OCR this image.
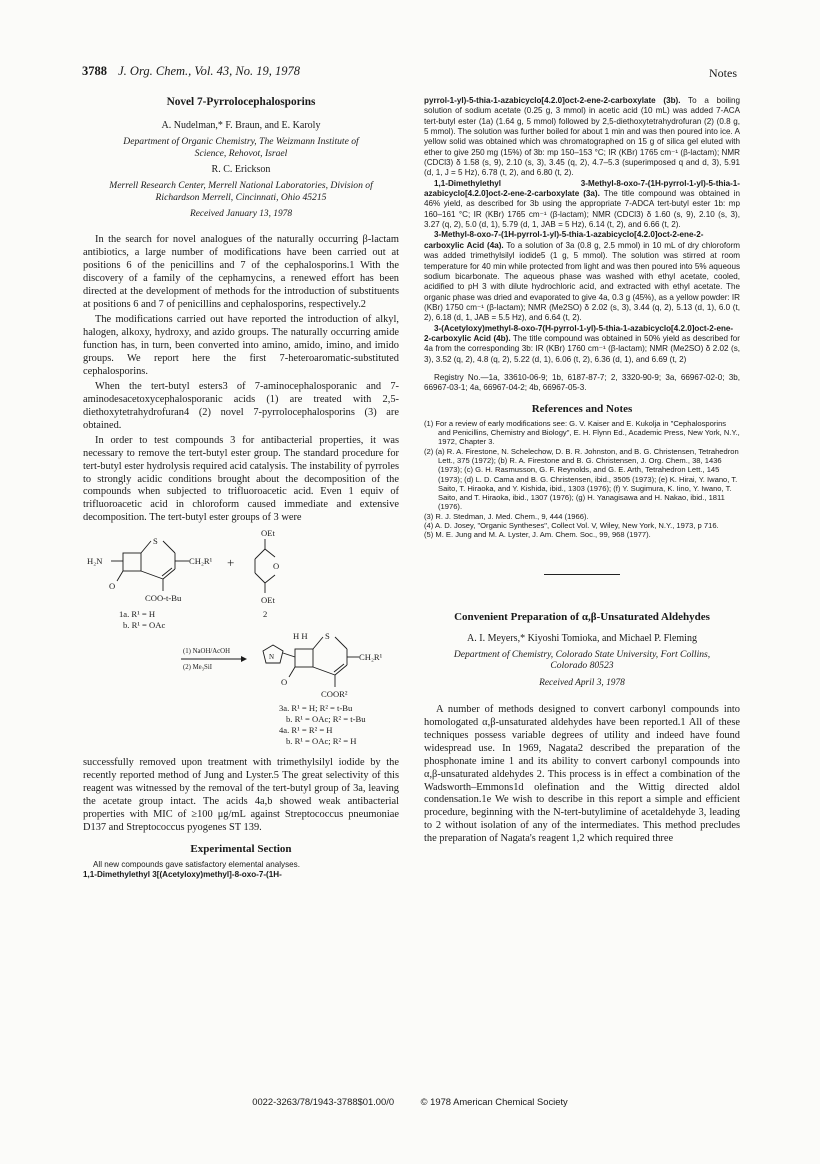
3788 J. Org. Chem., Vol. 43, No. 19, 1978	Notes
Novel 7-Pyrrolocephalosporins

A. Nudelman,* F. Braun, and E. Karoly

Department of Organic Chemistry, The Weizmann Institute of Science, Rehovot, Israel

R. C. Erickson

Merrell Research Center, Merrell National Laboratories, Division of Richardson Merrell, Cincinnati, Ohio 45215

Received January 13, 1978

In the search for novel analogues of the naturally occurring β-lactam antibiotics, a large number of modifications have been carried out at positions 6 of the penicillins and 7 of the cephalosporins.1 With the discovery of a family of the cephamycins, a renewed effort has been directed at the development of methods for the introduction of substituents at positions 6 and 7 of penicillins and cephalosporins, respectively.2

The modifications carried out have reported the introduction of alkyl, halogen, alkoxy, hydroxy, and azido groups. The naturally occurring amide function has, in turn, been converted into amino, amido, imino, and imido groups. We report here the first 7-heteroaromatic-substituted cephalosporins.

When the tert-butyl esters3 of 7-aminocephalosporanic and 7-aminodesacetoxycephalosporanic acids (1) are treated with 2,5-diethoxytetrahydrofuran4 (2) novel 7-pyrrolocephalosporins (3) are obtained.

In order to test compounds 3 for antibacterial properties, it was necessary to remove the tert-butyl ester group. The standard procedure for tert-butyl ester hydrolysis required acid catalysis. The instability of pyrroles to strongly acidic conditions brought about the decomposition of the compounds when subjected to trifluoroacetic acid. Even 1 equiv of trifluoroacetic acid in chloroform caused immediate and extensive decomposition. The tert-butyl ester groups of 3 were

H₂N
O
S
CH₂R¹
COO-t-Bu
1a. R¹ = H
b. R¹ = OAc
+
OEt
O
OEt
2
(1) NaOH/AcOH
(2) Me₃SiI
H H S
N
O
CH₂R¹
COOR²
3a. R¹ = H; R² = t-Bu
b. R¹ = OAc; R² = t-Bu
4a. R¹ = R² = H
b. R¹ = OAc; R² = H

successfully removed upon treatment with trimethylsilyl iodide by the recently reported method of Jung and Lyster.5 The great selectivity of this reagent was witnessed by the removal of the tert-butyl group of 3a, leaving the acetate group intact. The acids 4a,b showed weak antibacterial properties with MIC of ≥100 μg/mL against Streptococcus pneumoniae D137 and Streptococcus pyogenes ST 139.

Experimental Section

All new compounds gave satisfactory elemental analyses.

1,1-Dimethylethyl 3[(Acetyloxy)methyl]-8-oxo-7-(1H-

pyrrol-1-yl)-5-thia-1-azabicyclo[4.2.0]oct-2-ene-2-carboxylate (3b). To a boiling solution of sodium acetate (0.25 g, 3 mmol) in acetic acid (10 mL) was added 7-ACA tert-butyl ester (1a) (1.64 g, 5 mmol) followed by 2,5-diethoxytetrahydrofuran (2) (0.8 g, 5 mmol). The solution was further boiled for about 1 min and was then poured into ice. A yellow solid was obtained which was chromatographed on 15 g of silica gel eluted with ether to give 250 mg (15%) of 3b: mp 150–153 °C; IR (KBr) 1765 cm⁻¹ (β-lactam); NMR (CDCl3) δ 1.58 (s, 9), 2.10 (s, 3), 3.45 (q, 2), 4.7–5.3 (superimposed q and d, 3), 5.91 (d, 1, J = 5 Hz), 6.78 (t, 2), and 6.80 (t, 2).

1,1-Dimethylethyl 3-Methyl-8-oxo-7-(1H-pyrrol-1-yl)-5-thia-1-azabicyclo[4.2.0]oct-2-ene-2-carboxylate (3a). The title compound was obtained in 46% yield, as described for 3b using the appropriate 7-ADCA tert-butyl ester 1b: mp 160–161 °C; IR (KBr) 1765 cm⁻¹ (β-lactam); NMR (CDCl3) δ 1.60 (s, 9), 2.10 (s, 3), 3.27 (q, 2), 5.0 (d, 1), 5.79 (d, 1, JAB = 5 Hz), 6.14 (t, 2), and 6.66 (t, 2).

3-Methyl-8-oxo-7-(1H-pyrrol-1-yl)-5-thia-1-azabicyclo[4.2.0]oct-2-ene-2-carboxylic Acid (4a). To a solution of 3a (0.8 g, 2.5 mmol) in 10 mL of dry chloroform was added trimethylsilyl iodide5 (1 g, 5 mmol). The solution was stirred at room temperature for 40 min while protected from light and was then poured into 5% aqueous sodium bicarbonate. The aqueous phase was washed with ethyl acetate, cooled, acidified to pH 3 with dilute hydrochloric acid, and extracted with ethyl acetate. The organic phase was dried and evaporated to give 4a, 0.3 g (45%), as a yellow powder: IR (KBr) 1750 cm⁻¹ (β-lactam); NMR (Me2SO) δ 2.02 (s, 3), 3.44 (q, 2), 5.13 (d, 1), 6.0 (t, 2), 6.18 (d, 1, JAB = 5.5 Hz), and 6.64 (t, 2).

3-(Acetyloxy)methyl-8-oxo-7(H-pyrrol-1-yl)-5-thia-1-azabicyclo[4.2.0]oct-2-ene-2-carboxylic Acid (4b). The title compound was obtained in 50% yield as described for 4a from the corresponding 3b: IR (KBr) 1760 cm⁻¹ (β-lactam); NMR (Me2SO) δ 2.02 (s, 3), 3.52 (q, 2), 4.8 (q, 2), 5.22 (d, 1), 6.06 (t, 2), 6.36 (d, 1), and 6.69 (t, 2)

Registry No.—1a, 33610-06-9; 1b, 6187-87-7; 2, 3320-90-9; 3a, 66967-02-0; 3b, 66967-03-1; 4a, 66967-04-2; 4b, 66967-05-3.

References and Notes
(1) For a review of early modifications see: G. V. Kaiser and E. Kukolja in "Cephalosporins and Penicillins, Chemistry and Biology", E. H. Flynn Ed., Academic Press, New York, N.Y., 1972, Chapter 3.
(2) (a) R. A. Firestone, N. Schelechow, D. B. R. Johnston, and B. G. Christensen, Tetrahedron Lett., 375 (1972); (b) R. A. Firestone and B. G. Christensen, J. Org. Chem., 38, 1436 (1973); (c) G. H. Rasmusson, G. F. Reynolds, and G. E. Arth, Tetrahedron Lett., 145 (1973); (d) L. D. Cama and B. G. Christensen, ibid., 3505 (1973); (e) K. Hirai, Y. Iwano, T. Saito, T. Hiraoka, and Y. Kishida, ibid., 1303 (1976); (f) Y. Sugimura, K. Iino, Y. Iwano, T. Saito, and T. Hiraoka, ibid., 1307 (1976); (g) H. Yanagisawa and H. Nakao, ibid., 1811 (1976).
(3) R. J. Stedman, J. Med. Chem., 9, 444 (1966).
(4) A. D. Josey, "Organic Syntheses", Collect Vol. V, Wiley, New York, N.Y., 1973, p 716.
(5) M. E. Jung and M. A. Lyster, J. Am. Chem. Soc., 99, 968 (1977).
Convenient Preparation of α,β-Unsaturated Aldehydes

A. I. Meyers,* Kiyoshi Tomioka, and Michael P. Fleming

Department of Chemistry, Colorado State University, Fort Collins, Colorado 80523

Received April 3, 1978

A number of methods designed to convert carbonyl compounds into homologated α,β-unsaturated aldehydes have been reported.1 All of these techniques possess variable degrees of utility and indeed have found widespread use. In 1969, Nagata2 described the preparation of the phosphonate imine 1 and its ability to convert carbonyl compounds into α,β-unsaturated aldehydes 2. This process is in effect a combination of the Wadsworth–Emmons1d olefination and the Wittig directed aldol condensation.1e We wish to describe in this report a simple and efficient procedure, beginning with the N-tert-butylimine of acetaldehyde 3, leading to 2 without isolation of any of the intermediates. This method precludes the preparation of Nagata's reagent 1,2 which required three

0022-3263/78/1943-3788$01.00/0	© 1978 American Chemical Society
